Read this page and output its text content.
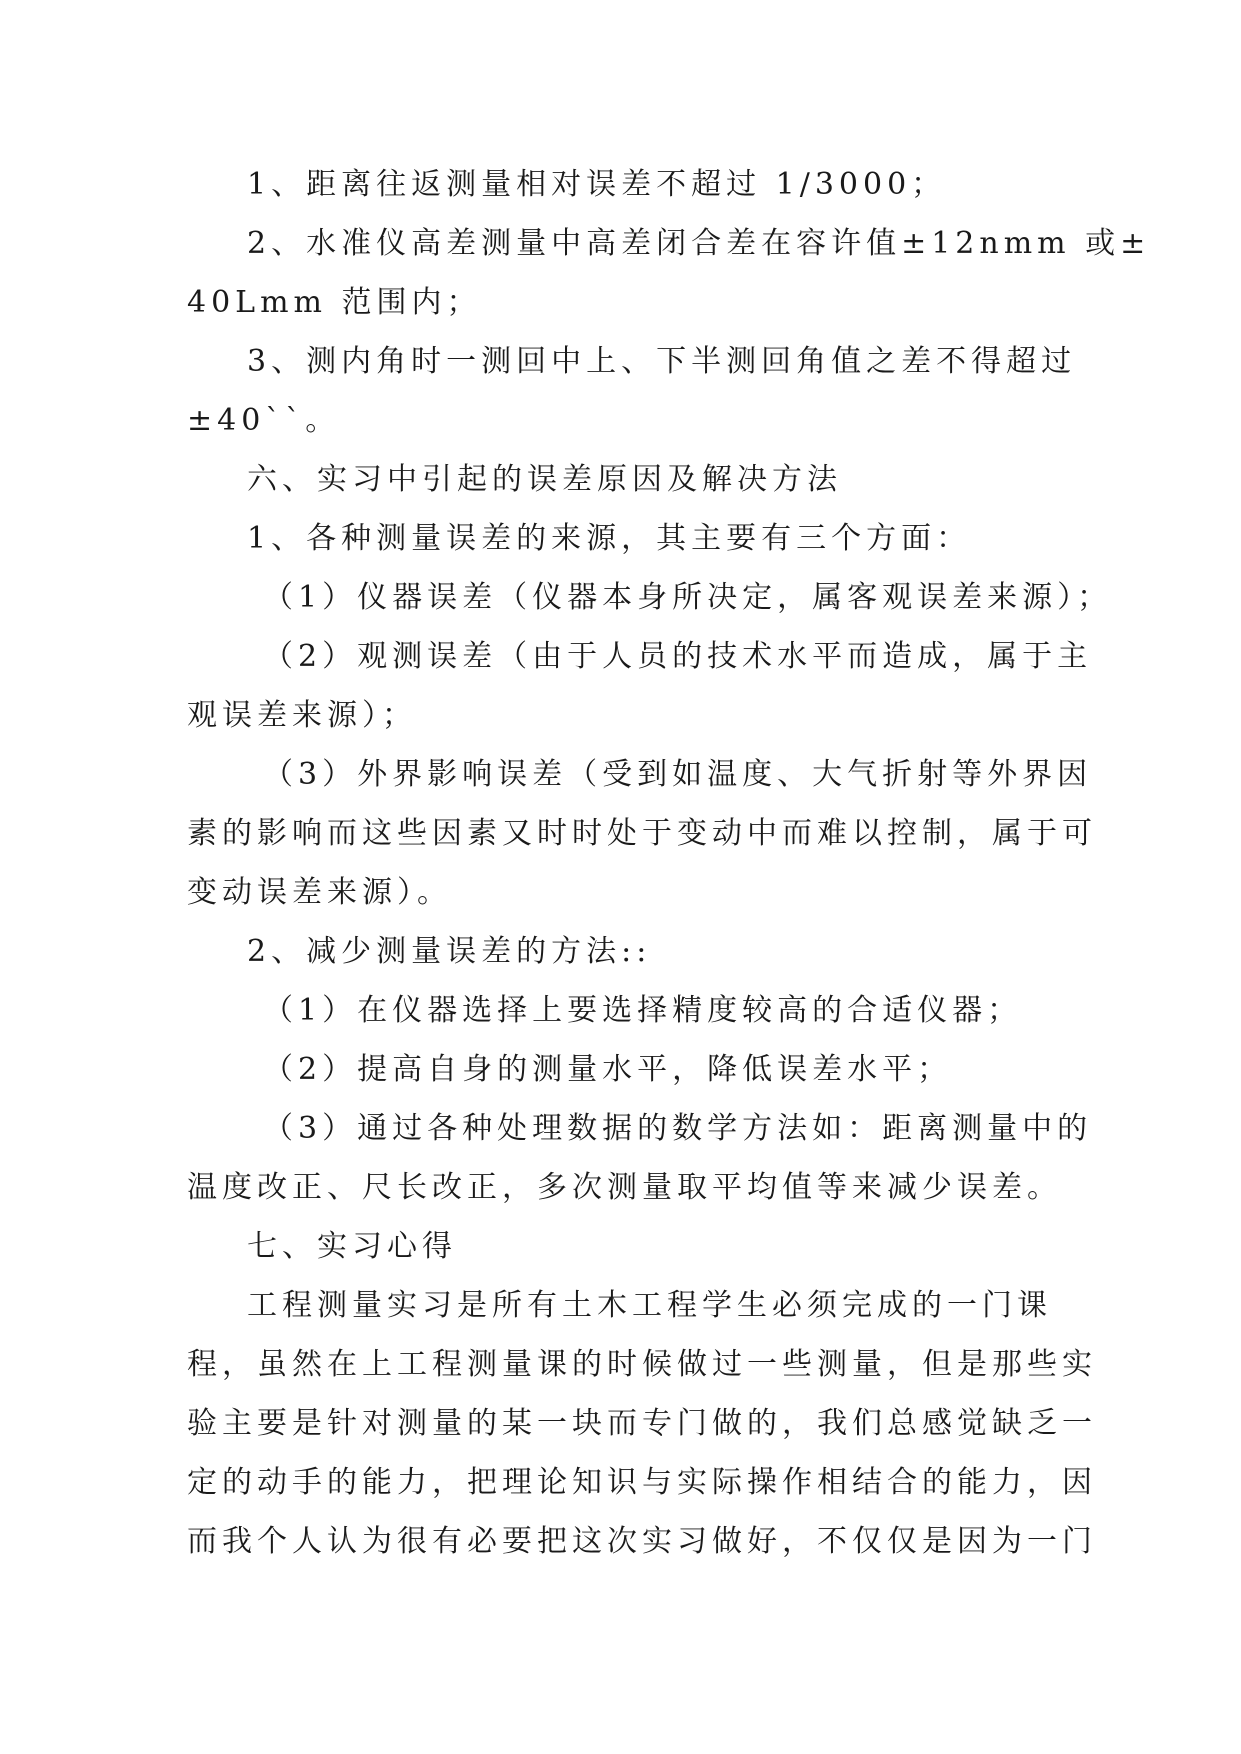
1、距离往返测量相对误差不超过 1/3000；
2、水准仪高差测量中高差闭合差在容许值±12nmm 或±
40Lmm 范围内；
3、测内角时一测回中上、下半测回角值之差不得超过
±40``。
六、实习中引起的误差原因及解决方法
1、各种测量误差的来源，其主要有三个方面：
（1）仪器误差（仪器本身所决定，属客观误差来源）；
（2）观测误差（由于人员的技术水平而造成，属于主
观误差来源）；
（3）外界影响误差（受到如温度、大气折射等外界因
素的影响而这些因素又时时处于变动中而难以控制，属于可
变动误差来源）。
2、减少测量误差的方法::
（1）在仪器选择上要选择精度较高的合适仪器；
（2）提高自身的测量水平，降低误差水平；
（3）通过各种处理数据的数学方法如：距离测量中的
温度改正、尺长改正，多次测量取平均值等来减少误差。
七、实习心得
工程测量实习是所有土木工程学生必须完成的一门课
程，虽然在上工程测量课的时候做过一些测量，但是那些实
验主要是针对测量的某一块而专门做的，我们总感觉缺乏一
定的动手的能力，把理论知识与实际操作相结合的能力，因
而我个人认为很有必要把这次实习做好，不仅仅是因为一门
